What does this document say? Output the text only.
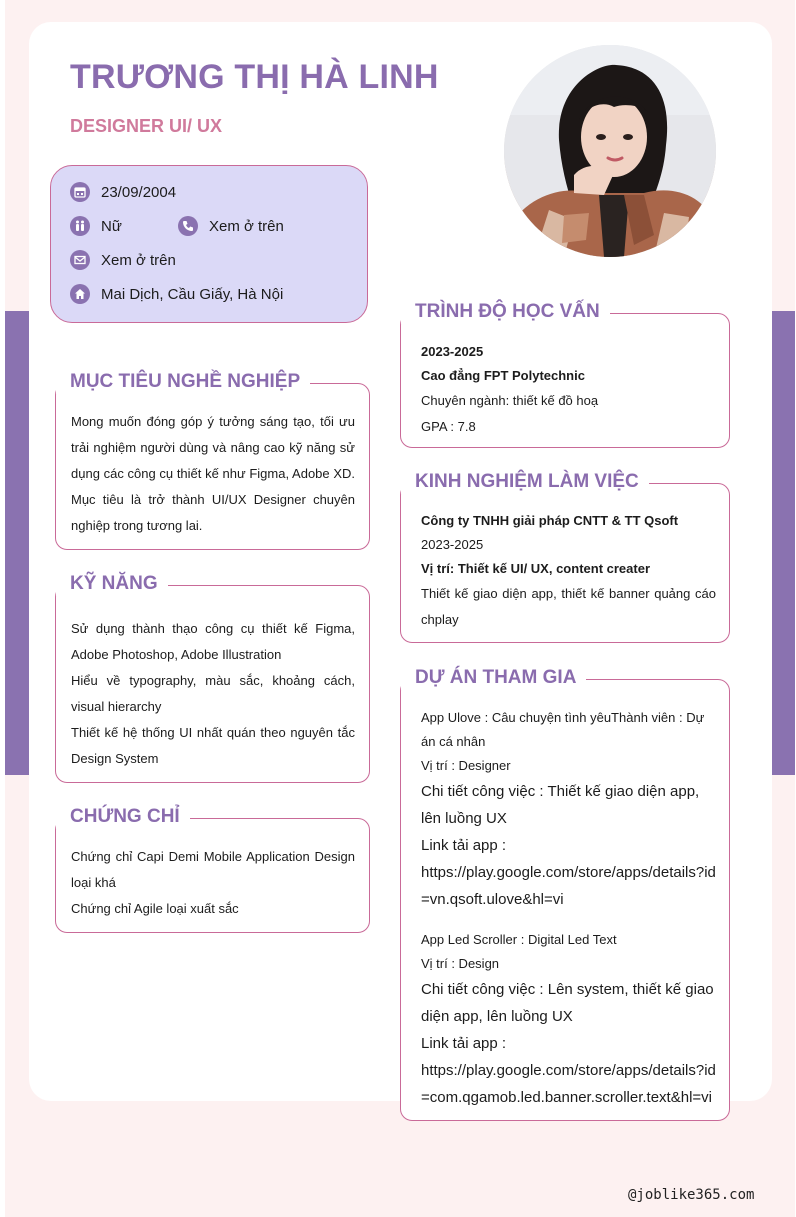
TRƯƠNG THỊ HÀ LINH
DESIGNER UI/ UX
23/09/2004
Nữ	Xem ở trên
Xem ở trên
Mai Dịch, Cầu Giấy, Hà Nội
Mong muốn đóng góp ý tưởng sáng tạo, tối ưu trải nghiệm người dùng và nâng cao kỹ năng sử dụng các công cụ thiết kế như Figma, Adobe XD. Mục tiêu là trở thành UI/UX Designer chuyên nghiệp trong tương lai.
MỤC TIÊU NGHỀ NGHIỆP
Sử dụng thành thạo công cụ thiết kế Figma, Adobe Photoshop, Adobe Illustration
Hiểu về typography, màu sắc, khoảng cách, visual hierarchy
Thiết kế hệ thống UI nhất quán theo nguyên tắc Design System
KỸ NĂNG
Chứng chỉ Capi Demi Mobile Application Design loại khá
Chứng chỉ Agile loại xuất sắc
CHỨNG CHỈ
2023-2025
Cao đẳng FPT Polytechnic
Chuyên ngành: thiết kế đồ hoạ
GPA : 7.8
TRÌNH ĐỘ HỌC VẤN
Công ty TNHH giải pháp CNTT & TT Qsoft
2023-2025
Vị trí: Thiết kế UI/ UX, content creater
Thiết kế giao diện app, thiết kế banner quảng cáo chplay
KINH NGHIỆM LÀM VIỆC
App Ulove : Câu chuyện tình yêuThành viên : Dự án cá nhân
Vị trí : Designer
Chi tiết công việc : Thiết kế giao diện app, lên luồng UX
Link tải app :
https://play.google.com/store/apps/details?id=vn.qsoft.ulove&hl=vi
App Led Scroller : Digital Led Text
Vị trí : Design
Chi tiết công việc : Lên system, thiết kế giao diện app, lên luồng UX
Link tải app :
https://play.google.com/store/apps/details?id=com.qgamob.led.banner.scroller.text&hl=vi
DỰ ÁN THAM GIA
@joblike365.com
